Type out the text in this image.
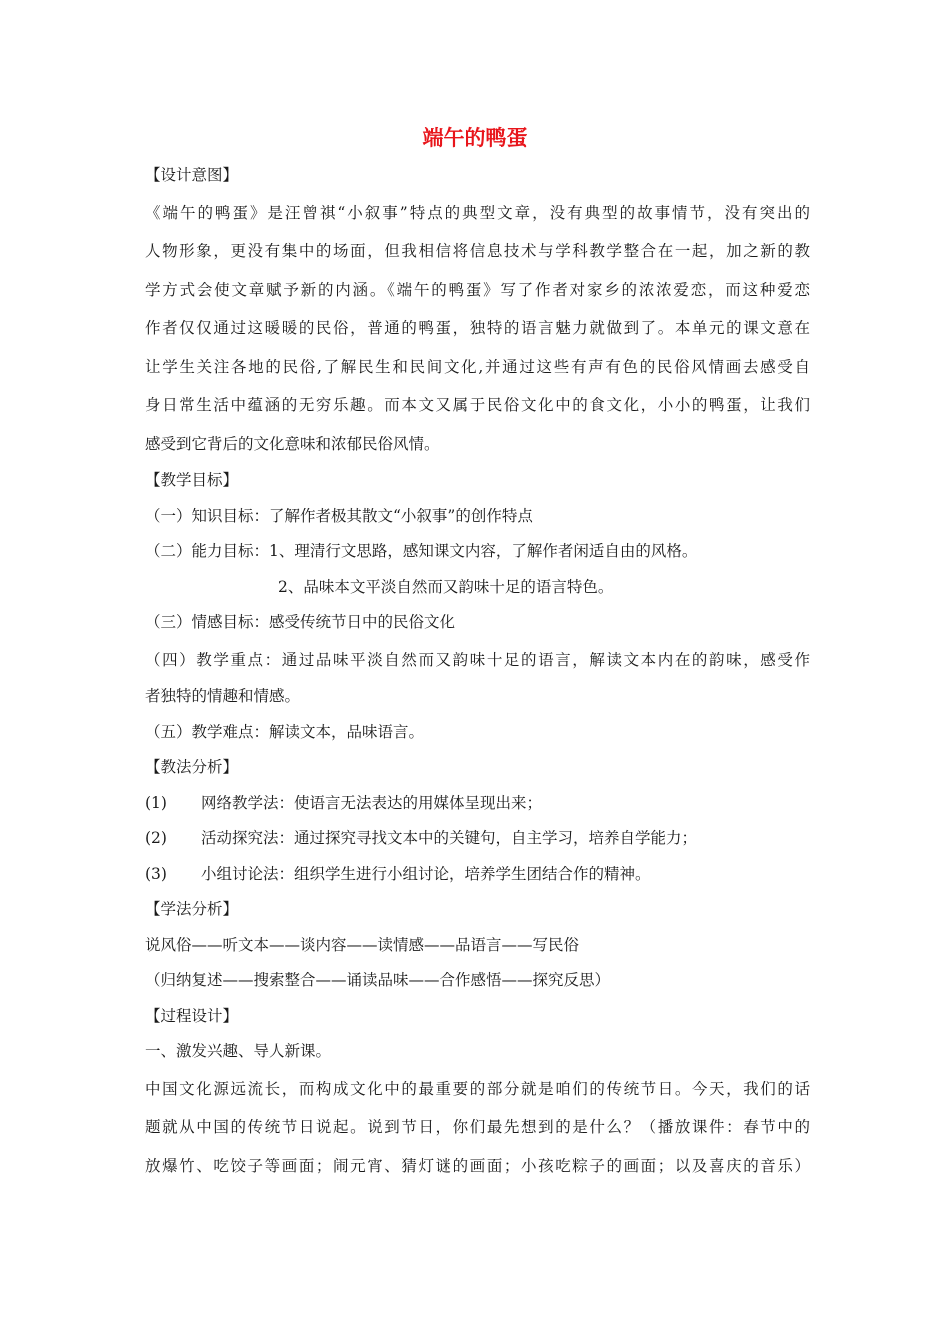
端午的鸭蛋
【设计意图】
《端午的鸭蛋》是汪曾祺“小叙事”特点的典型文章，没有典型的故事情节，没有突出的
人物形象，更没有集中的场面，但我相信将信息技术与学科教学整合在一起，加之新的教
学方式会使文章赋予新的内涵。《端午的鸭蛋》写了作者对家乡的浓浓爱恋，而这种爱恋
作者仅仅通过这暖暖的民俗，普通的鸭蛋，独特的语言魅力就做到了。本单元的课文意在
让学生关注各地的民俗,了解民生和民间文化,并通过这些有声有色的民俗风情画去感受自
身日常生活中蕴涵的无穷乐趣。而本文又属于民俗文化中的食文化，小小的鸭蛋，让我们
感受到它背后的文化意味和浓郁民俗风情。
【教学目标】
（一）知识目标：了解作者极其散文“小叙事”的创作特点
（二）能力目标：1、理清行文思路，感知课文内容，了解作者闲适自由的风格。
2、品味本文平淡自然而又韵味十足的语言特色。
（三）情感目标：感受传统节日中的民俗文化
（四）教学重点：通过品味平淡自然而又韵味十足的语言，解读文本内在的韵味，感受作
者独特的情趣和情感。
（五）教学难点：解读文本，品味语言。
【教法分析】
(1) 网络教学法：使语言无法表达的用媒体呈现出来；
(2) 活动探究法：通过探究寻找文本中的关键句，自主学习，培养自学能力；
(3) 小组讨论法：组织学生进行小组讨论，培养学生团结合作的精神。
【学法分析】
说风俗——听文本——谈内容——读情感——品语言——写民俗
（归纳复述——搜索整合——诵读品味——合作感悟——探究反思）
【过程设计】
一、激发兴趣、导人新课。
中国文化源远流长，而构成文化中的最重要的部分就是咱们的传统节日。今天，我们的话
题就从中国的传统节日说起。说到节日，你们最先想到的是什么？（播放课件：春节中的
放爆竹、吃饺子等画面；闹元宵、猜灯谜的画面；小孩吃粽子的画面；以及喜庆的音乐）
